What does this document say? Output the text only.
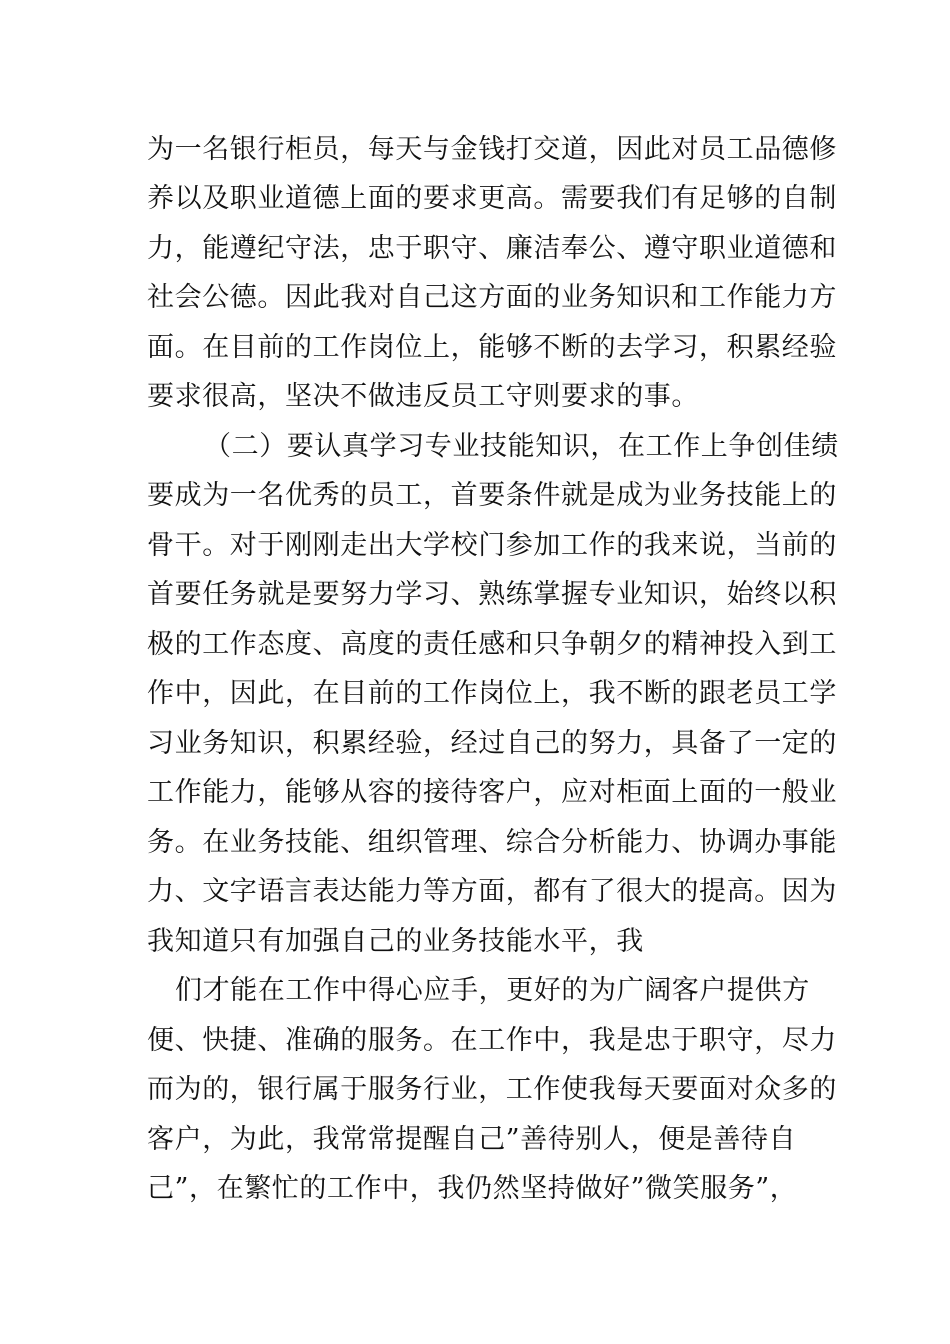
为一名银行柜员，每天与金钱打交道，因此对员工品德修
养以及职业道德上面的要求更高。需要我们有足够的自制
力，能遵纪守法，忠于职守、廉洁奉公、遵守职业道德和
社会公德。因此我对自己这方面的业务知识和工作能力方
面。在目前的工作岗位上，能够不断的去学习，积累经验
要求很高，坚决不做违反员工守则要求的事。
（二）要认真学习专业技能知识，在工作上争创佳绩
要成为一名优秀的员工，首要条件就是成为业务技能上的
骨干。对于刚刚走出大学校门参加工作的我来说，当前的
首要任务就是要努力学习、熟练掌握专业知识，始终以积
极的工作态度、高度的责任感和只争朝夕的精神投入到工
作中，因此，在目前的工作岗位上，我不断的跟老员工学
习业务知识，积累经验，经过自己的努力，具备了一定的
工作能力，能够从容的接待客户，应对柜面上面的一般业
务。在业务技能、组织管理、综合分析能力、协调办事能
力、文字语言表达能力等方面，都有了很大的提高。因为
我知道只有加强自己的业务技能水平，我
们才能在工作中得心应手，更好的为广阔客户提供方
便、快捷、准确的服务。在工作中，我是忠于职守，尽力
而为的，银行属于服务行业，工作使我每天要面对众多的
客户，为此，我常常提醒自己”善待别人，便是善待自
己”，在繁忙的工作中，我仍然坚持做好”微笑服务”，
